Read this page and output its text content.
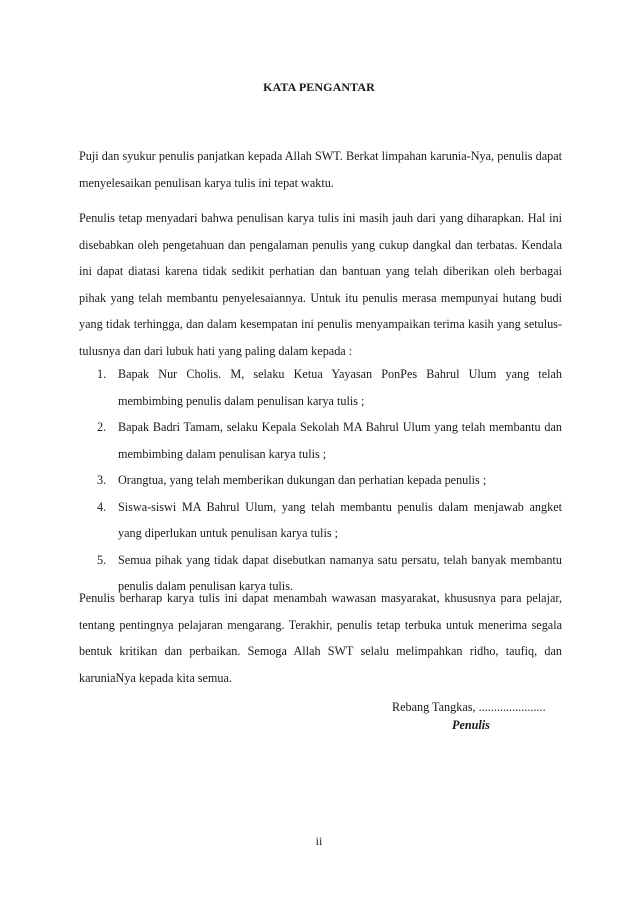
KATA PENGANTAR

Puji dan syukur penulis panjatkan kepada Allah SWT. Berkat limpahan karunia-Nya, penulis dapat menyelesaikan penulisan karya tulis ini tepat waktu.

Penulis tetap menyadari bahwa penulisan karya tulis ini masih jauh dari yang diharapkan. Hal ini disebabkan oleh pengetahuan dan pengalaman penulis yang cukup dangkal dan terbatas. Kendala ini dapat diatasi karena tidak sedikit perhatian dan bantuan yang telah diberikan oleh berbagai pihak yang telah membantu penyelesaiannya. Untuk itu penulis merasa mempunyai hutang budi yang tidak terhingga, dan dalam kesempatan ini penulis menyampaikan terima kasih yang setulus-tulusnya dan dari lubuk hati yang paling dalam kepada :

1. Bapak Nur Cholis. M, selaku Ketua Yayasan PonPes Bahrul Ulum yang telah membimbing penulis dalam penulisan karya tulis ;
2. Bapak Badri Tamam, selaku Kepala Sekolah MA Bahrul Ulum yang telah membantu dan membimbing dalam penulisan karya tulis ;
3. Orangtua, yang telah memberikan dukungan dan perhatian kepada penulis ;
4. Siswa-siswi MA Bahrul Ulum, yang telah membantu penulis dalam menjawab angket yang diperlukan untuk penulisan karya tulis ;
5. Semua pihak yang tidak dapat disebutkan namanya satu persatu, telah banyak membantu penulis dalam penulisan karya tulis.

Penulis berharap karya tulis ini dapat menambah wawasan masyarakat, khususnya para pelajar, tentang pentingnya pelajaran mengarang. Terakhir, penulis tetap terbuka untuk menerima segala bentuk kritikan dan perbaikan. Semoga Allah SWT selalu melimpahkan ridho, taufiq, dan karuniaNya kepada kita semua.

Rebang Tangkas, ......................
Penulis
ii
